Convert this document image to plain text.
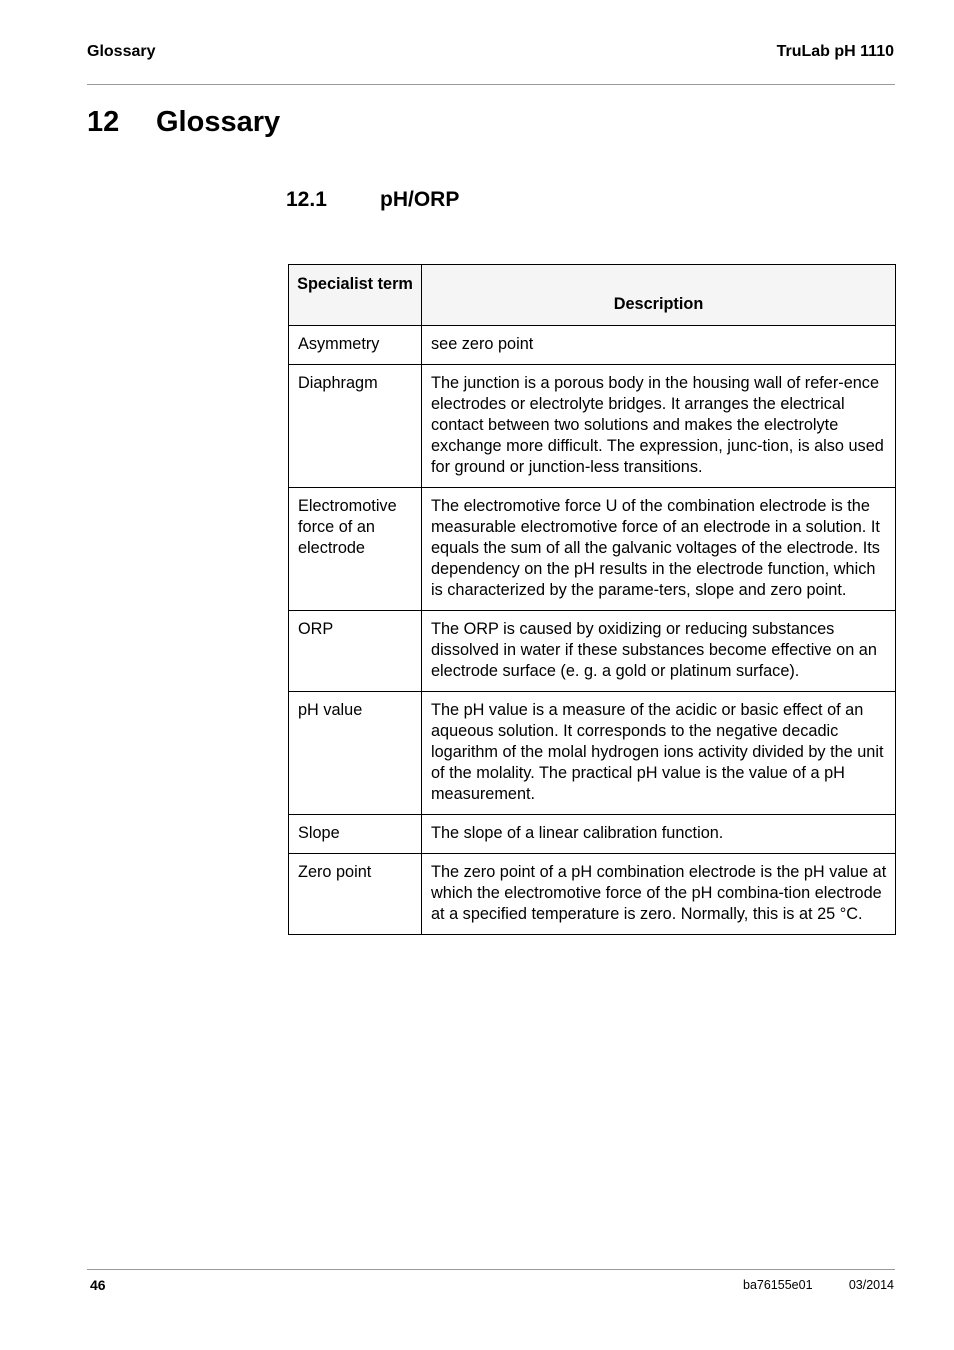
Glossary	TruLab pH 1110
12 Glossary
12.1	pH/ORP
Specialist term	Description
Asymmetry	see zero point
Diaphragm	The junction is a porous body in the housing wall of refer-ence electrodes or electrolyte bridges. It arranges the electrical contact between two solutions and makes the electrolyte exchange more difficult. The expression, junc-tion, is also used for ground or junction-less transitions.
Electromotive force of an electrode	The electromotive force U of the combination electrode is the measurable electromotive force of an electrode in a solution. It equals the sum of all the galvanic voltages of the electrode. Its dependency on the pH results in the electrode function, which is characterized by the parame-ters, slope and zero point.
ORP	The ORP is caused by oxidizing or reducing substances dissolved in water if these substances become effective on an electrode surface (e. g. a gold or platinum surface).
pH value	The pH value is a measure of the acidic or basic effect of an aqueous solution. It corresponds to the negative decadic logarithm of the molal hydrogen ions activity divided by the unit of the molality. The practical pH value is the value of a pH measurement.
Slope	The slope of a linear calibration function.
Zero point	The zero point of a pH combination electrode is the pH value at which the electromotive force of the pH combina-tion electrode at a specified temperature is zero. Normally, this is at 25 °C.
46	ba76155e01	03/2014
